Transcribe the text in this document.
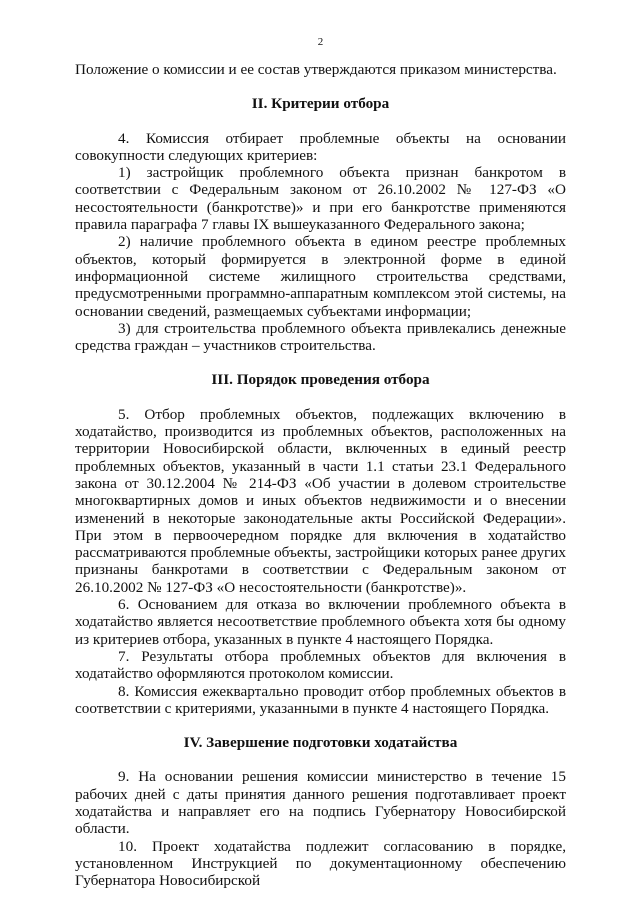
2

Положение о комиссии и ее состав утверждаются приказом министерства.

II. Критерии отбора

4. Комиссия отбирает проблемные объекты на основании совокупности следующих критериев:

1) застройщик проблемного объекта признан банкротом в соответствии с Федеральным законом от 26.10.2002 № 127-ФЗ «О несостоятельности (банкротстве)» и при его банкротстве применяются правила параграфа 7 главы IX вышеуказанного Федерального закона;

2) наличие проблемного объекта в едином реестре проблемных объектов, который формируется в электронной форме в единой информационной системе жилищного строительства средствами, предусмотренными программно-аппаратным комплексом этой системы, на основании сведений, размещаемых субъектами информации;

3) для строительства проблемного объекта привлекались денежные средства граждан – участников строительства.

III. Порядок проведения отбора

5. Отбор проблемных объектов, подлежащих включению в ходатайство, производится из проблемных объектов, расположенных на территории Новосибирской области, включенных в единый реестр проблемных объектов, указанный в части 1.1 статьи 23.1 Федерального закона от 30.12.2004 № 214-ФЗ «Об участии в долевом строительстве многоквартирных домов и иных объектов недвижимости и о внесении изменений в некоторые законодательные акты Российской Федерации». При этом в первоочередном порядке для включения в ходатайство рассматриваются проблемные объекты, застройщики которых ранее других признаны банкротами в соответствии с Федеральным законом от 26.10.2002 № 127-ФЗ «О несостоятельности (банкротстве)».

6. Основанием для отказа во включении проблемного объекта в ходатайство является несоответствие проблемного объекта хотя бы одному из критериев отбора, указанных в пункте 4 настоящего Порядка.

7. Результаты отбора проблемных объектов для включения в ходатайство оформляются протоколом комиссии.

8. Комиссия ежеквартально проводит отбор проблемных объектов в соответствии с критериями, указанными в пункте 4 настоящего Порядка.

IV. Завершение подготовки ходатайства

9. На основании решения комиссии министерство в течение 15 рабочих дней с даты принятия данного решения подготавливает проект ходатайства и направляет его на подпись Губернатору Новосибирской области.

10. Проект ходатайства подлежит согласованию в порядке, установленном Инструкцией по документационному обеспечению Губернатора Новосибирской
